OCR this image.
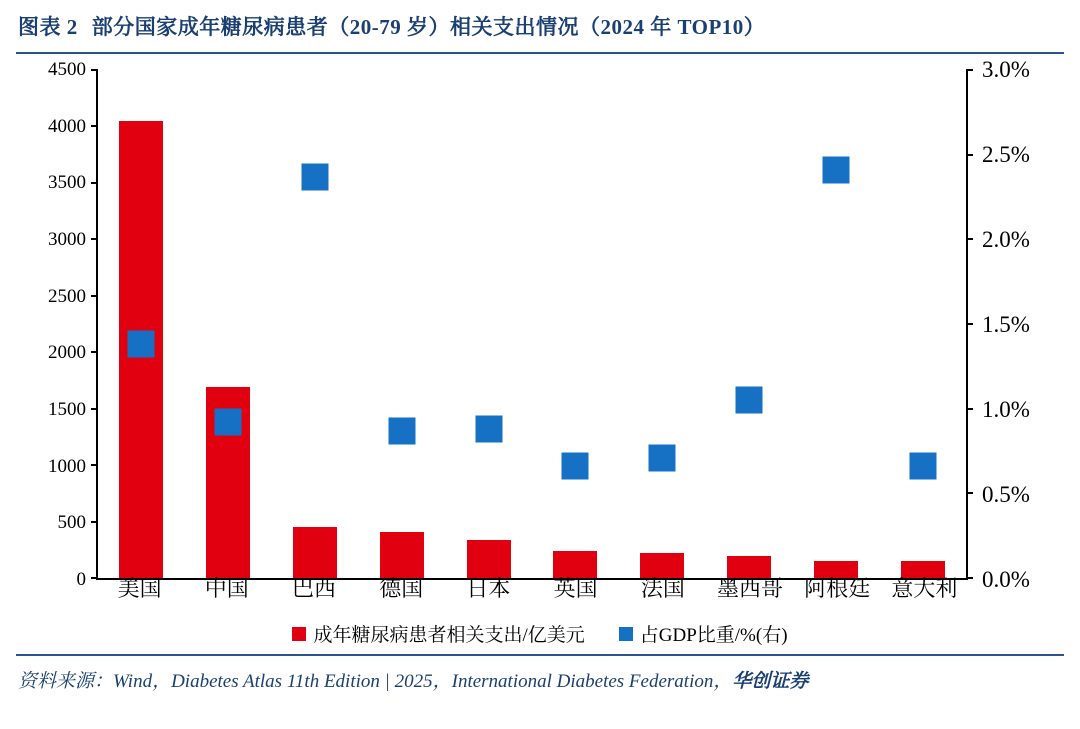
图表 2 部分国家成年糖尿病患者（20-79 岁）相关支出情况（2024 年 TOP10）
0
500
1000
1500
2000
2500
3000
3500
4000
4500
0.0%
0.5%
1.0%
1.5%
2.0%
2.5%
3.0%
美国	中国	巴西	德国	日本	英国	法国	墨西哥 阿根廷 意大利
成年糖尿病患者相关支出/亿美元	占GDP比重/%(右)
资料来源：Wind，Diabetes Atlas 11th Edition | 2025，International Diabetes Federation，华创证券
